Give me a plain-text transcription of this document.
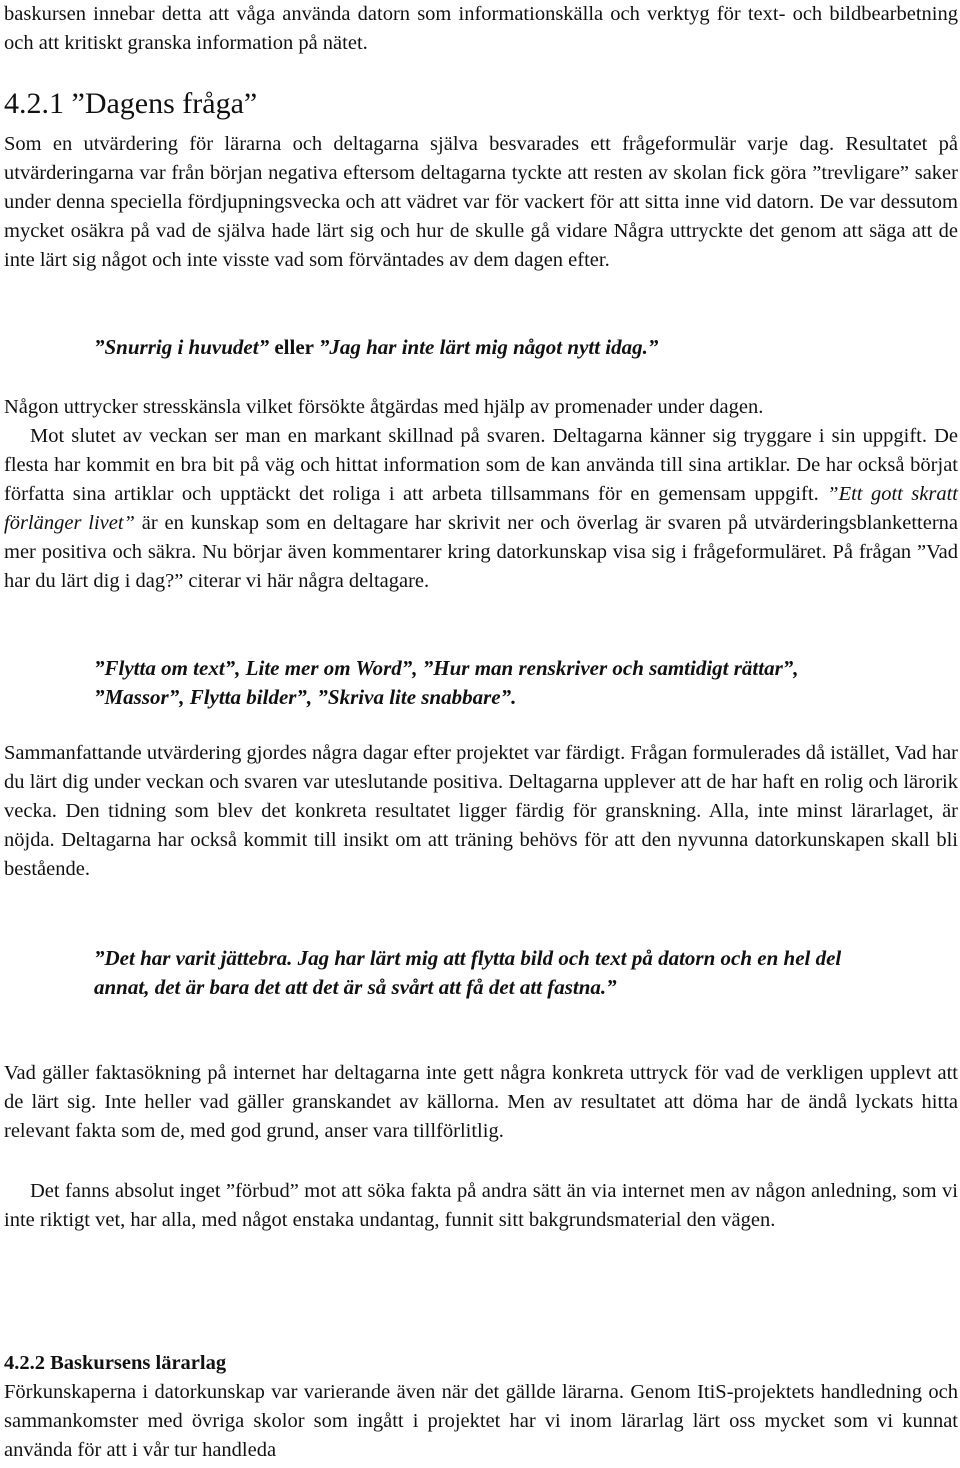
baskursen innebar detta att våga använda datorn som informationskälla och verktyg för text- och bildbearbetning och att kritiskt granska information på nätet.

4.2.1 ”Dagens fråga”

Som en utvärdering för lärarna och deltagarna själva besvarades ett frågeformulär varje dag. Resultatet på utvärderingarna var från början negativa eftersom deltagarna tyckte att resten av skolan fick göra ”trevligare” saker under denna speciella fördjupningsvecka och att vädret var för vackert för att sitta inne vid datorn. De var dessutom mycket osäkra på vad de själva hade lärt sig och hur de skulle gå vidare Några uttryckte det genom att säga att de inte lärt sig något och inte visste vad som förväntades av dem dagen efter.

”Snurrig i huvudet” eller ”Jag har inte lärt mig något nytt idag.”

Någon uttrycker stresskänsla vilket försökte åtgärdas med hjälp av promenader under dagen.

Mot slutet av veckan ser man en markant skillnad på svaren. Deltagarna känner sig tryggare i sin uppgift. De flesta har kommit en bra bit på väg och hittat information som de kan använda till sina artiklar. De har också börjat författa sina artiklar och upptäckt det roliga i att arbeta tillsammans för en gemensam uppgift. ”Ett gott skratt förlänger livet” är en kunskap som en deltagare har skrivit ner och överlag är svaren på utvärderingsblanketterna mer positiva och säkra. Nu börjar även kommentarer kring datorkunskap visa sig i frågeformuläret. På frågan ”Vad har du lärt dig i dag?” citerar vi här några deltagare.

”Flytta om text”, Lite mer om Word”, ”Hur man renskriver och samtidigt rättar”, ”Massor”, Flytta bilder”, ”Skriva lite snabbare”.

Sammanfattande utvärdering gjordes några dagar efter projektet var färdigt. Frågan formulerades då istället, Vad har du lärt dig under veckan och svaren var uteslutande positiva. Deltagarna upplever att de har haft en rolig och lärorik vecka. Den tidning som blev det konkreta resultatet ligger färdig för granskning. Alla, inte minst lärarlaget, är nöjda. Deltagarna har också kommit till insikt om att träning behövs för att den nyvunna datorkunskapen skall bli bestående.

”Det har varit jättebra. Jag har lärt mig att flytta bild och text på datorn och en hel del annat, det är bara det att det är så svårt att få det att fastna.”

Vad gäller faktasökning på internet har deltagarna inte gett några konkreta uttryck för vad de verkligen upplevt att de lärt sig. Inte heller vad gäller granskandet av källorna. Men av resultatet att döma har de ändå lyckats hitta relevant fakta som de, med god grund, anser vara tillförlitlig.

Det fanns absolut inget ”förbud” mot att söka fakta på andra sätt än via internet men av någon anledning, som vi inte riktigt vet, har alla, med något enstaka undantag, funnit sitt bakgrundsmaterial den vägen.

4.2.2 Baskursens lärarlag

Förkunskaperna i datorkunskap var varierande även när det gällde lärarna. Genom ItiS-projektets handledning och sammankomster med övriga skolor som ingått i projektet har vi inom lärarlag lärt oss mycket som vi kunnat använda för att i vår tur handleda
